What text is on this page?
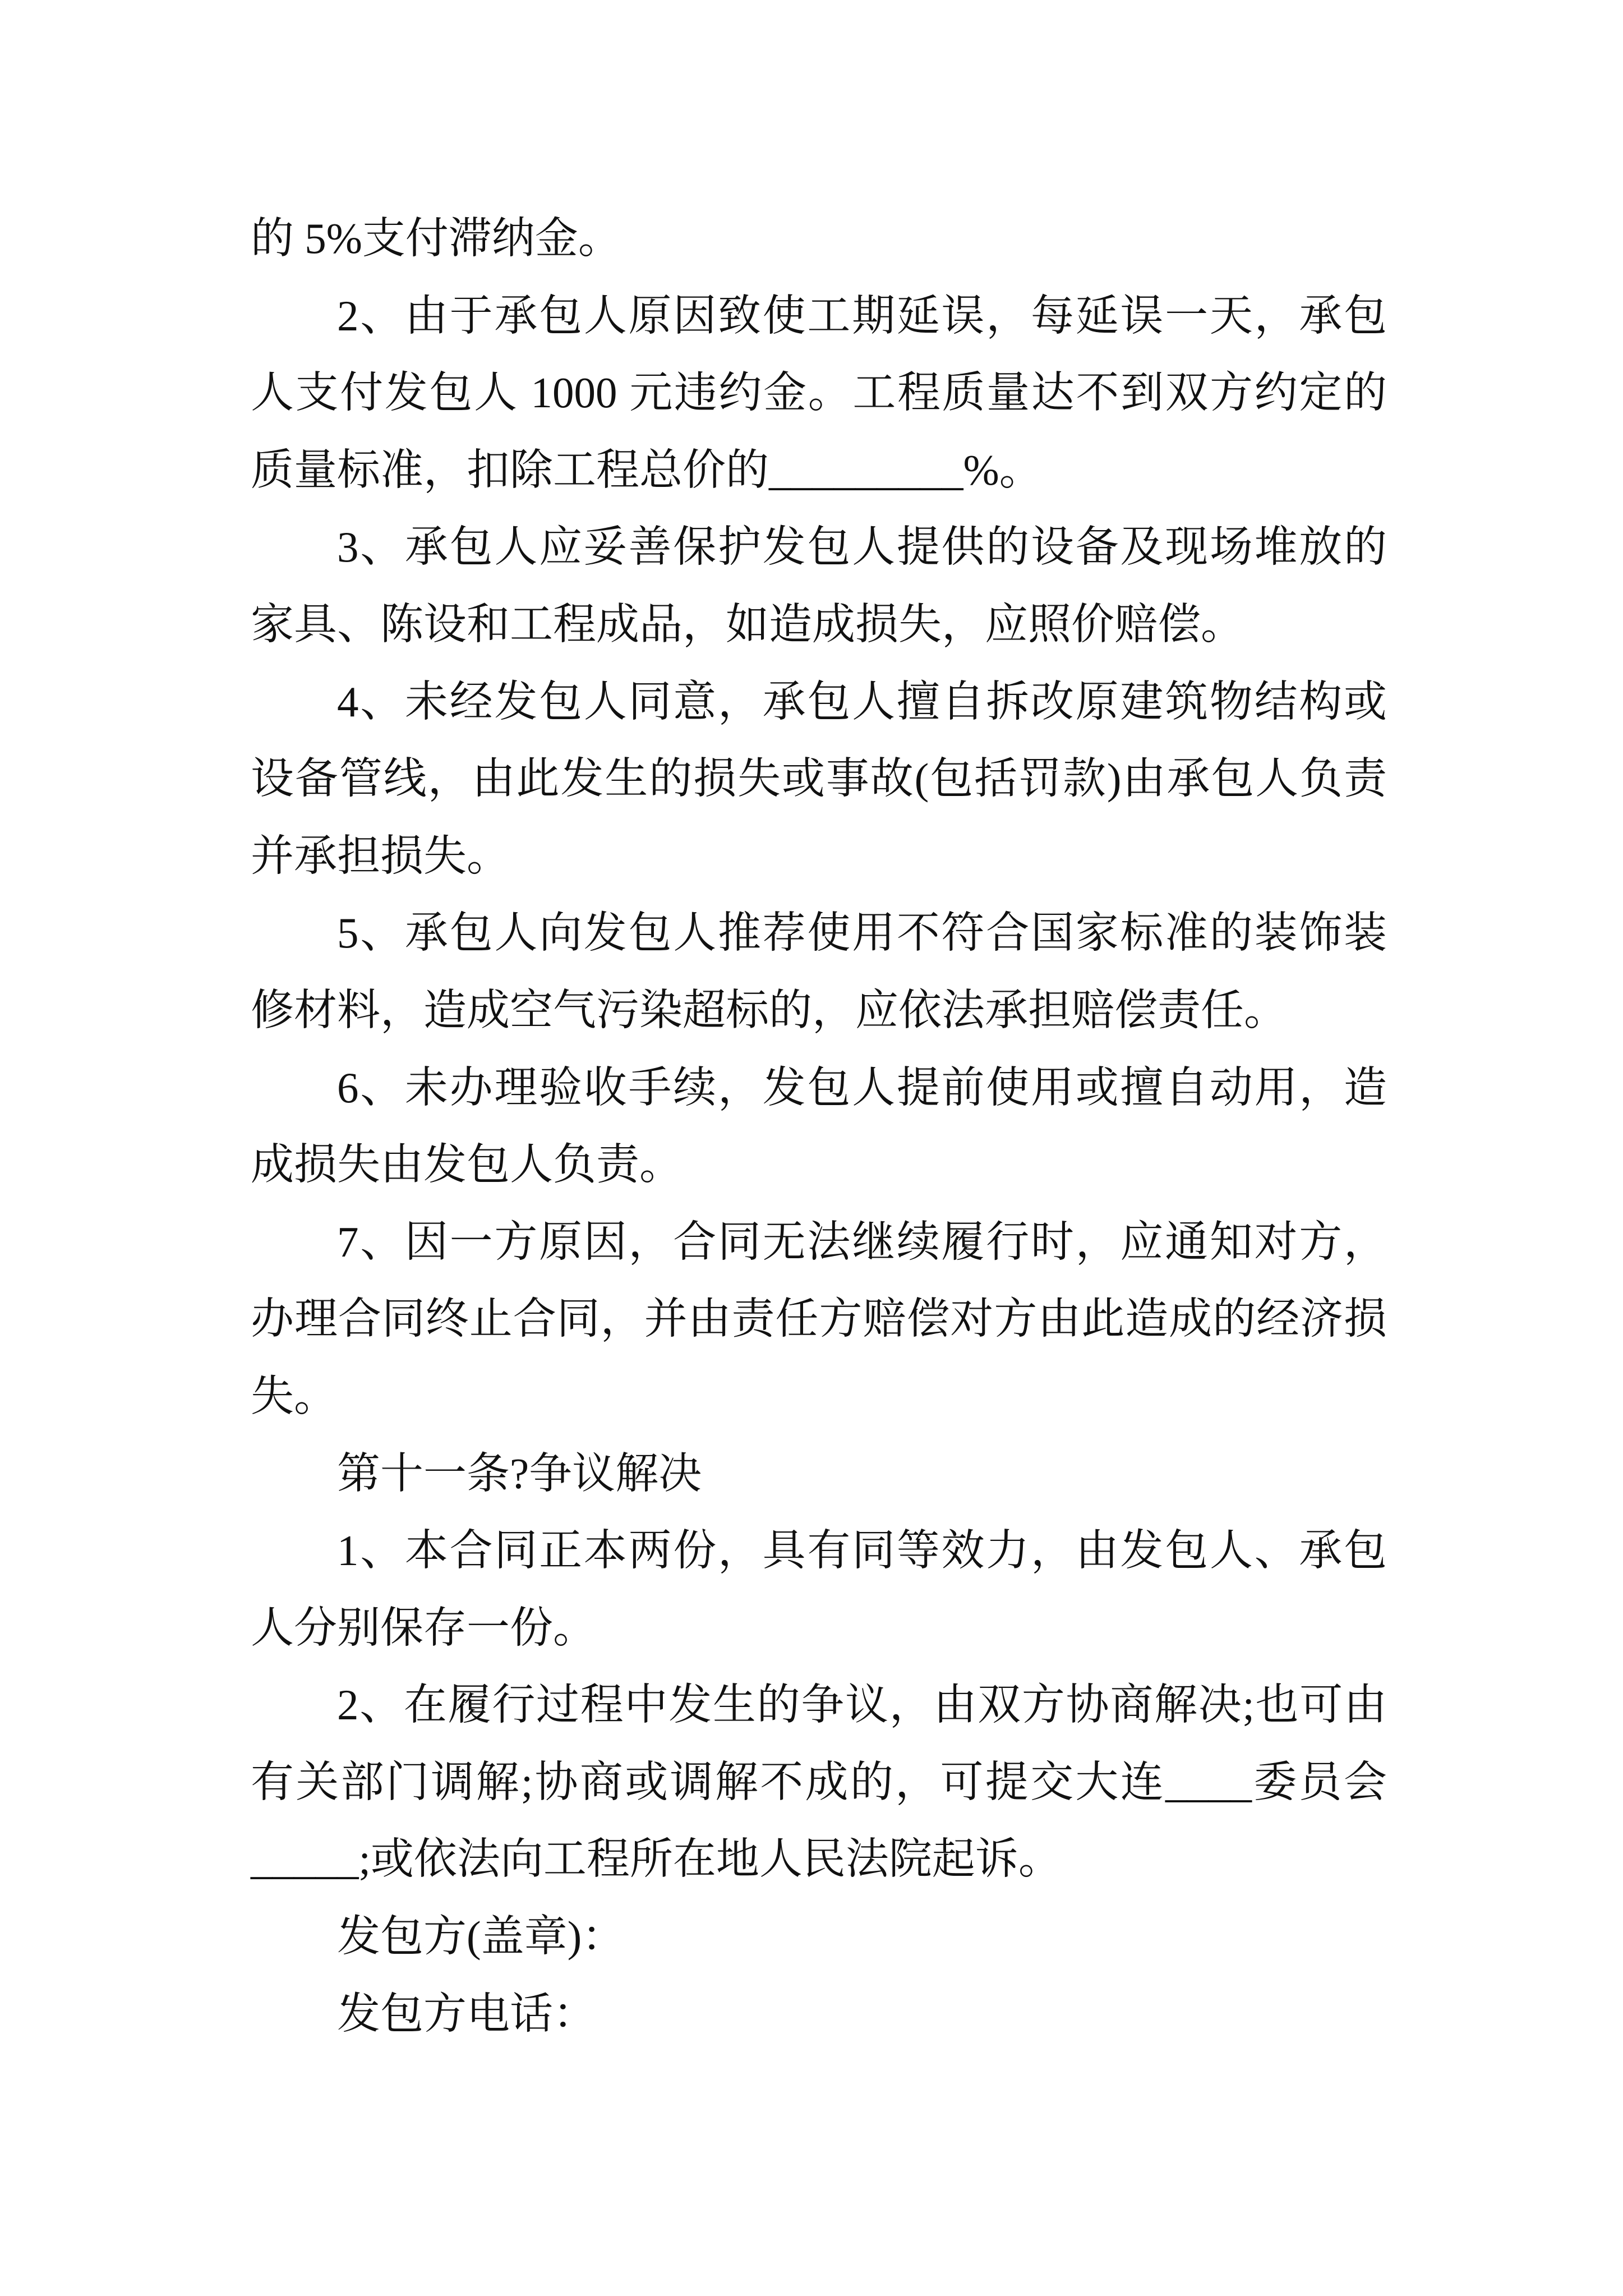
的 5%支付滞纳金。
2、由于承包人原因致使工期延误，每延误一天，承包
人支付发包人 1000 元违约金。工程质量达不到双方约定的
质量标准，扣除工程总价的_________%。
3、承包人应妥善保护发包人提供的设备及现场堆放的
家具、陈设和工程成品，如造成损失，应照价赔偿。
4、未经发包人同意，承包人擅自拆改原建筑物结构或
设备管线，由此发生的损失或事故(包括罚款)由承包人负责
并承担损失。
5、承包人向发包人推荐使用不符合国家标准的装饰装
修材料，造成空气污染超标的，应依法承担赔偿责任。
6、未办理验收手续，发包人提前使用或擅自动用，造
成损失由发包人负责。
7、因一方原因，合同无法继续履行时，应通知对方，
办理合同终止合同，并由责任方赔偿对方由此造成的经济损
失。
第十一条?争议解决
1、本合同正本两份，具有同等效力，由发包人、承包
人分别保存一份。
2、在履行过程中发生的争议，由双方协商解决;也可由
有关部门调解;协商或调解不成的，可提交大连____委员会
_____;或依法向工程所在地人民法院起诉。
发包方(盖章)：
发包方电话：
